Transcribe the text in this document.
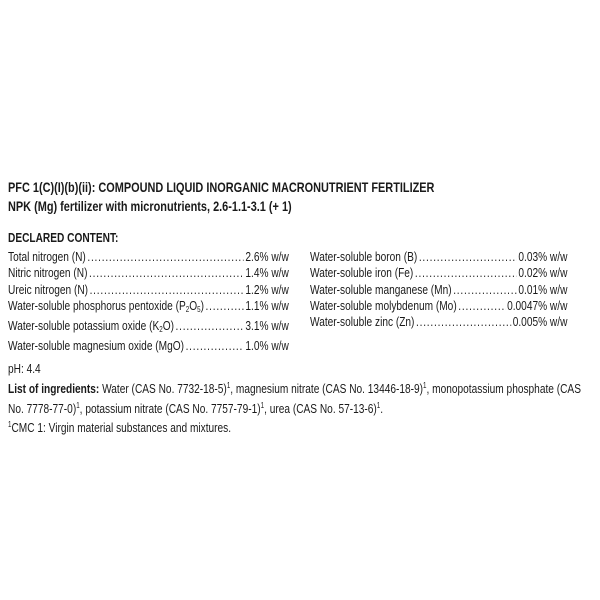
PFC 1(C)(I)(b)(ii): COMPOUND LIQUID INORGANIC MACRONUTRIENT FERTILIZER
NPK (Mg) fertilizer with micronutrients, 2.6-1.1-3.1 (+ 1)
DECLARED CONTENT:
Total nitrogen (N) .....	2.6% w/w
Nitric nitrogen (N) .....	1.4% w/w
Ureic nitrogen (N) .....	1.2% w/w
Water-soluble phosphorus pentoxide $(P_2O_5)$ .....	1.1% w/w
Water-soluble potassium oxide $(K_2O)$ .....	3.1% w/w
Water-soluble magnesium oxide (MgO) .....	1.0% w/w
Water-soluble boron (B) .....	0.03% w/w
Water-soluble iron (Fe) .....	0.02% w/w
Water-soluble manganese (Mn) .....	0.01% w/w
Water-soluble molybdenum (Mo) .....	0.0047% w/w
Water-soluble zinc (Zn) .....	0.005% w/w
pH: 4.4
List of ingredients: Water (CAS No. 7732-18-5)$^1$, magnesium nitrate (CAS No. 13446-18-9)$^1$, monopotassium phosphate (CAS No. 7778-77-0)$^1$, potassium nitrate (CAS No. 7757-79-1)$^1$, urea (CAS No. 57-13-6)$^1$.
$^1$CMC 1: Virgin material substances and mixtures.
